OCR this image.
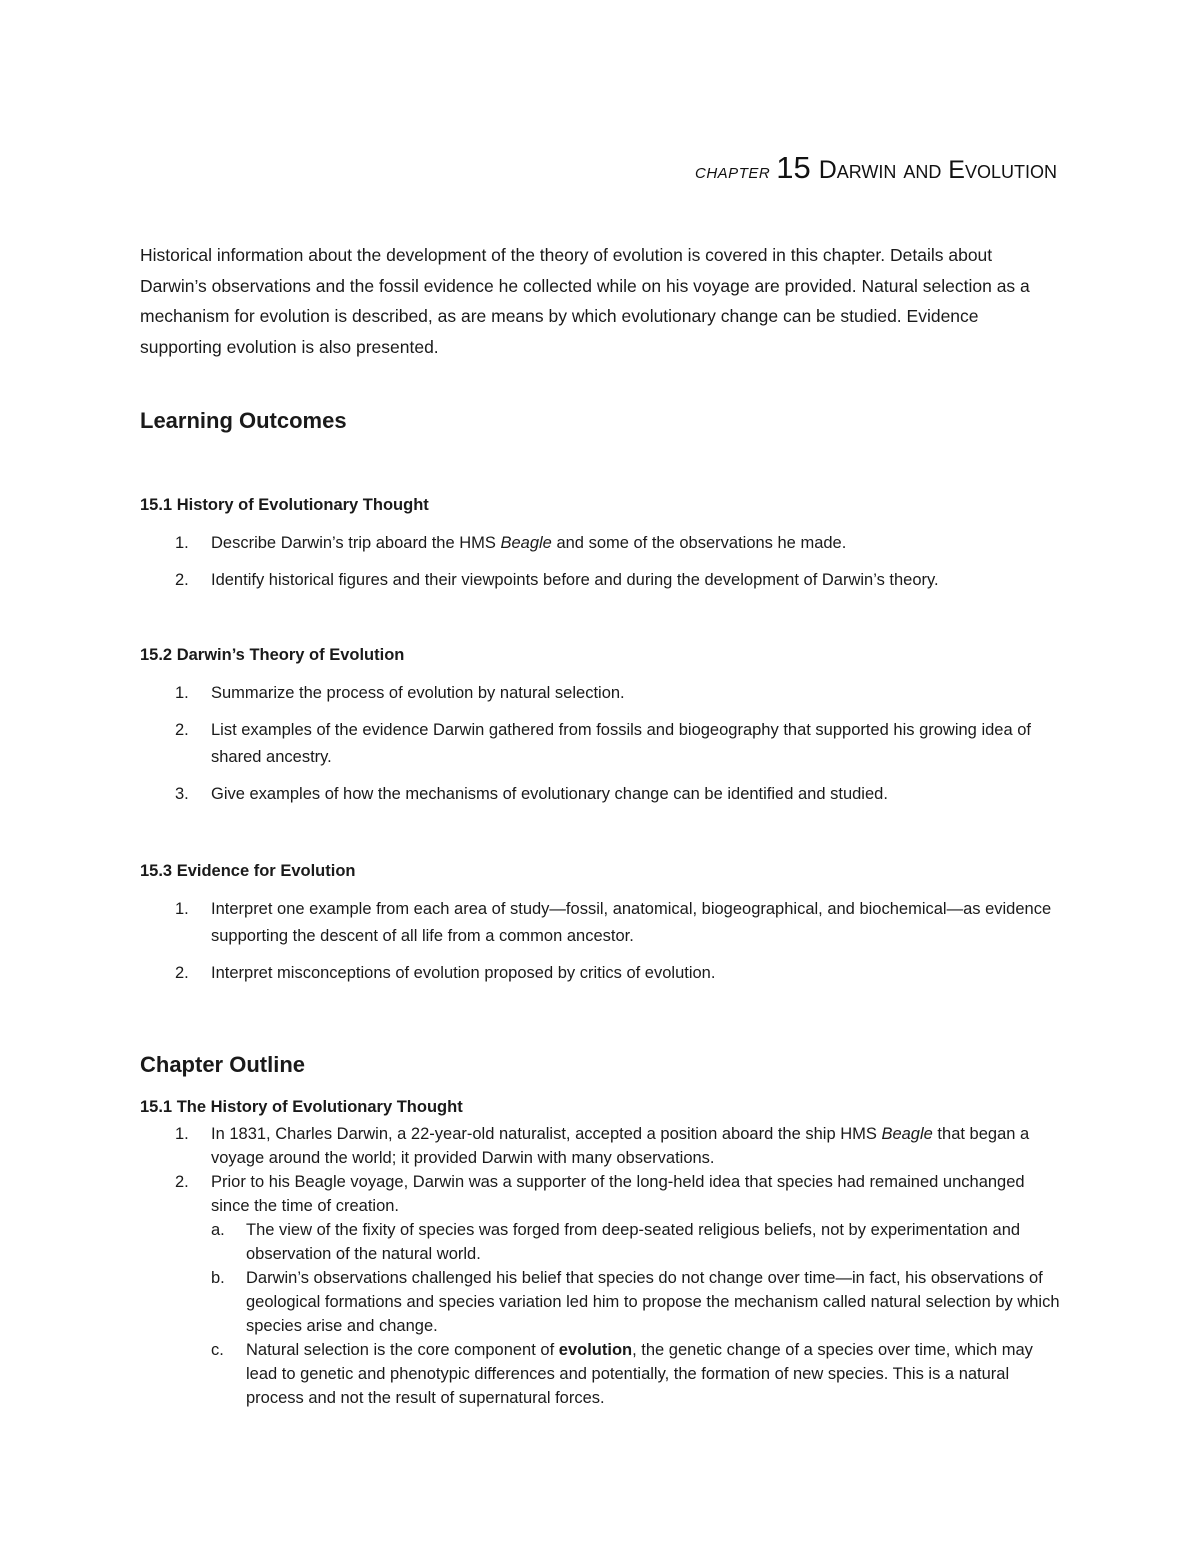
CHAPTER 15 Darwin and Evolution

Historical information about the development of the theory of evolution is covered in this chapter. Details about Darwin’s observations and the fossil evidence he collected while on his voyage are provided. Natural selection as a mechanism for evolution is described, as are means by which evolutionary change can be studied. Evidence supporting evolution is also presented.

Learning Outcomes
15.1 History of Evolutionary Thought
1. Describe Darwin’s trip aboard the HMS Beagle and some of the observations he made.
2. Identify historical figures and their viewpoints before and during the development of Darwin’s theory.
15.2 Darwin’s Theory of Evolution
1. Summarize the process of evolution by natural selection.
2. List examples of the evidence Darwin gathered from fossils and biogeography that supported his growing idea of shared ancestry.
3. Give examples of how the mechanisms of evolutionary change can be identified and studied.
15.3 Evidence for Evolution
1. Interpret one example from each area of study—fossil, anatomical, biogeographical, and biochemical—as evidence supporting the descent of all life from a common ancestor.
2. Interpret misconceptions of evolution proposed by critics of evolution.
Chapter Outline
15.1 The History of Evolutionary Thought
1. In 1831, Charles Darwin, a 22-year-old naturalist, accepted a position aboard the ship HMS Beagle that began a voyage around the world; it provided Darwin with many observations.
2. Prior to his Beagle voyage, Darwin was a supporter of the long-held idea that species had remained unchanged since the time of creation.
a. The view of the fixity of species was forged from deep-seated religious beliefs, not by experimentation and observation of the natural world.
b. Darwin’s observations challenged his belief that species do not change over time—in fact, his observations of geological formations and species variation led him to propose the mechanism called natural selection by which species arise and change.
c. Natural selection is the core component of evolution, the genetic change of a species over time, which may lead to genetic and phenotypic differences and potentially, the formation of new species. This is a natural process and not the result of supernatural forces.
